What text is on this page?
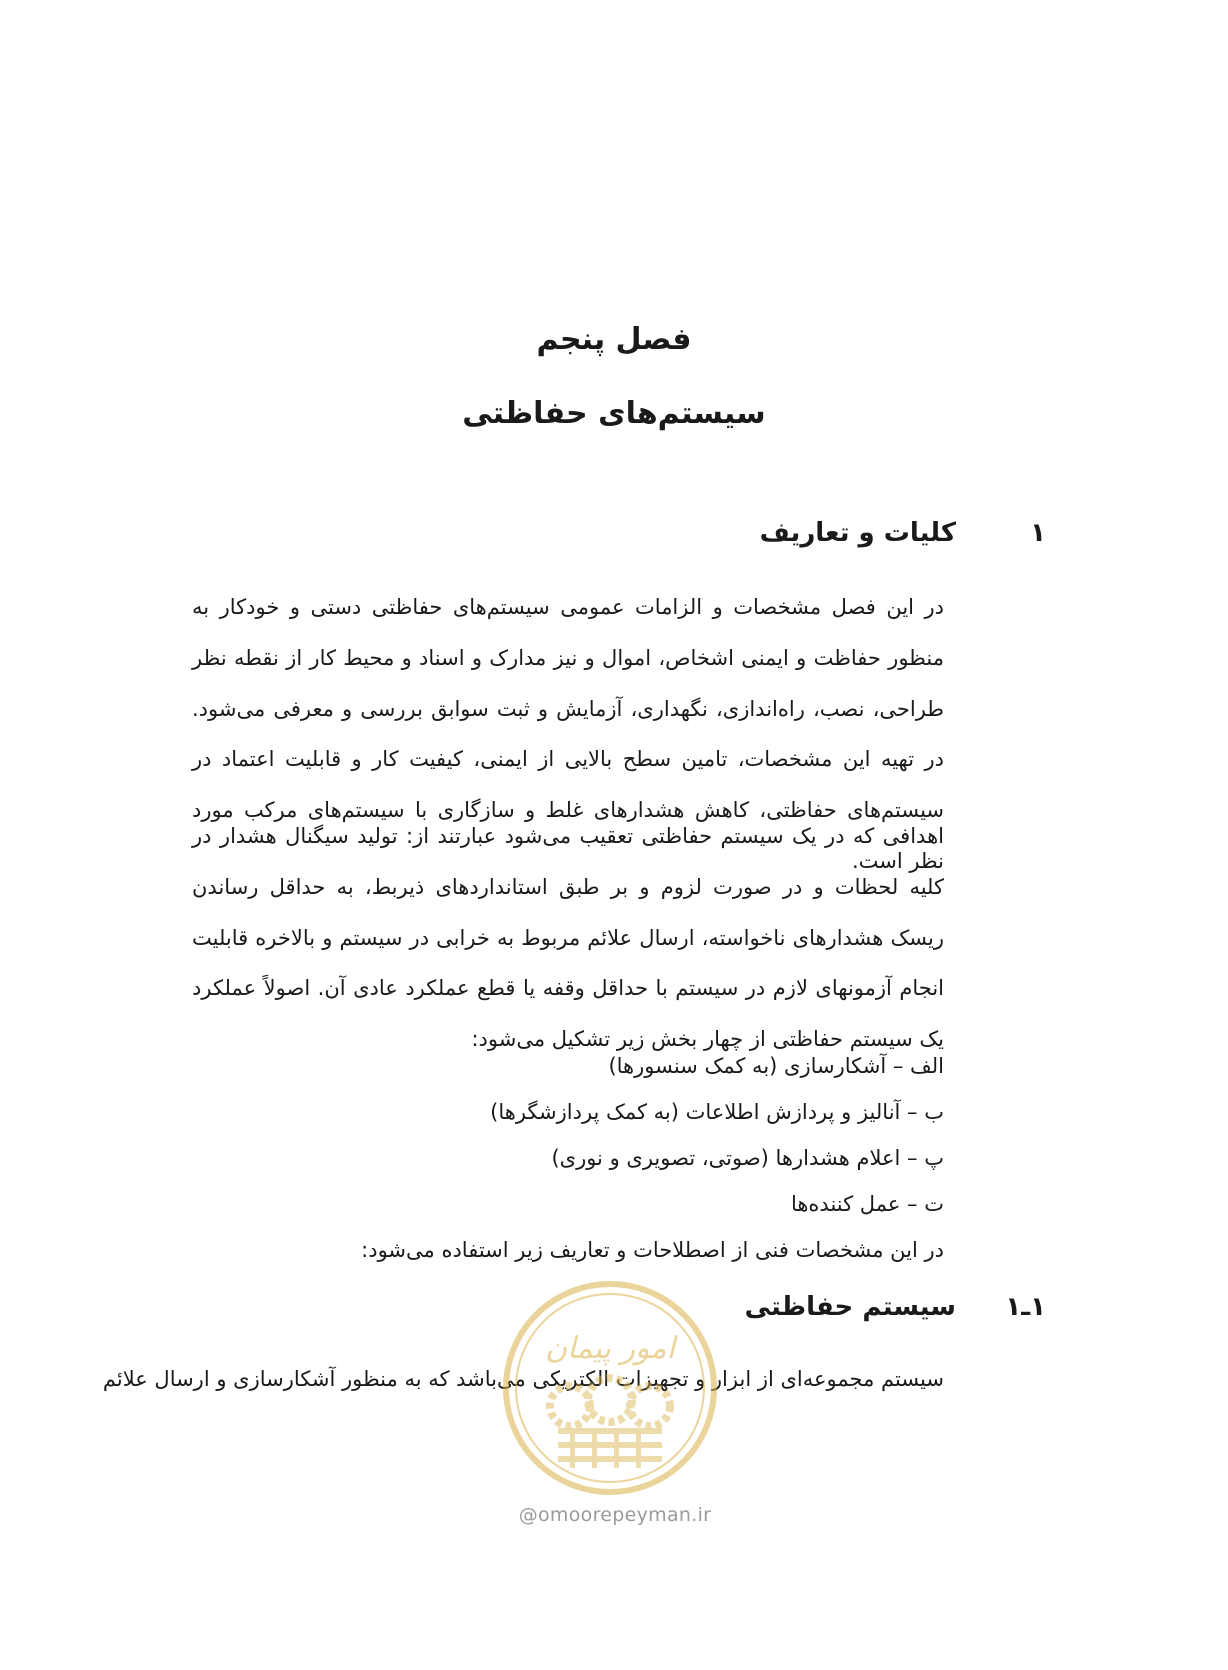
فصل پنجم
سیستم‌های حفاظتی
۱
کلیات و تعاریف
در این فصل مشخصات و الزامات عمومی سیستم‌های حفاظتی دستی و خودکار به منظور حفاظت و ایمنی اشخاص، اموال و نیز مدارک و اسناد و محیط کار از نقطه نظر طراحی، نصب، راه‌اندازی، نگهداری، آزمایش و ثبت سوابق بررسی و معرفی می‌شود. در تهیه این مشخصات، تامین سطح بالایی از ایمنی، کیفیت کار و قابلیت اعتماد در سیستم‌های حفاظتی، کاهش هشدارهای غلط و سازگاری با سیستم‌های مرکب مورد نظر است.
اهدافی که در یک سیستم حفاظتی تعقیب می‌شود عبارتند از: تولید سیگنال هشدار در کلیه لحظات و در صورت لزوم و بر طبق استانداردهای ذیربط، به حداقل رساندن ریسک هشدارهای ناخواسته، ارسال علائم مربوط به خرابی در سیستم و بالاخره قابلیت انجام آزمونهای لازم در سیستم با حداقل وقفه یا قطع عملکرد عادی آن. اصولاً عملکرد یک سیستم حفاظتی از چهار بخش زیر تشکیل می‌شود:
الف – آشکارسازی (به کمک سنسورها)
ب – آنالیز و پردازش اطلاعات (به کمک پردازشگرها)
پ – اعلام هشدارها (صوتی، تصویری و نوری)
ت – عمل کننده‌ها
در این مشخصات فنی از اصطلاحات و تعاریف زیر استفاده می‌شود:
۱ـ۱
سیستم حفاظتی
سیستم مجموعه‌ای از ابزار و تجهیزات الکتریکی می‌باشد که به منظور آشکارسازی و ارسال علائم
امور پیمان
@omoorepeyman.ir
